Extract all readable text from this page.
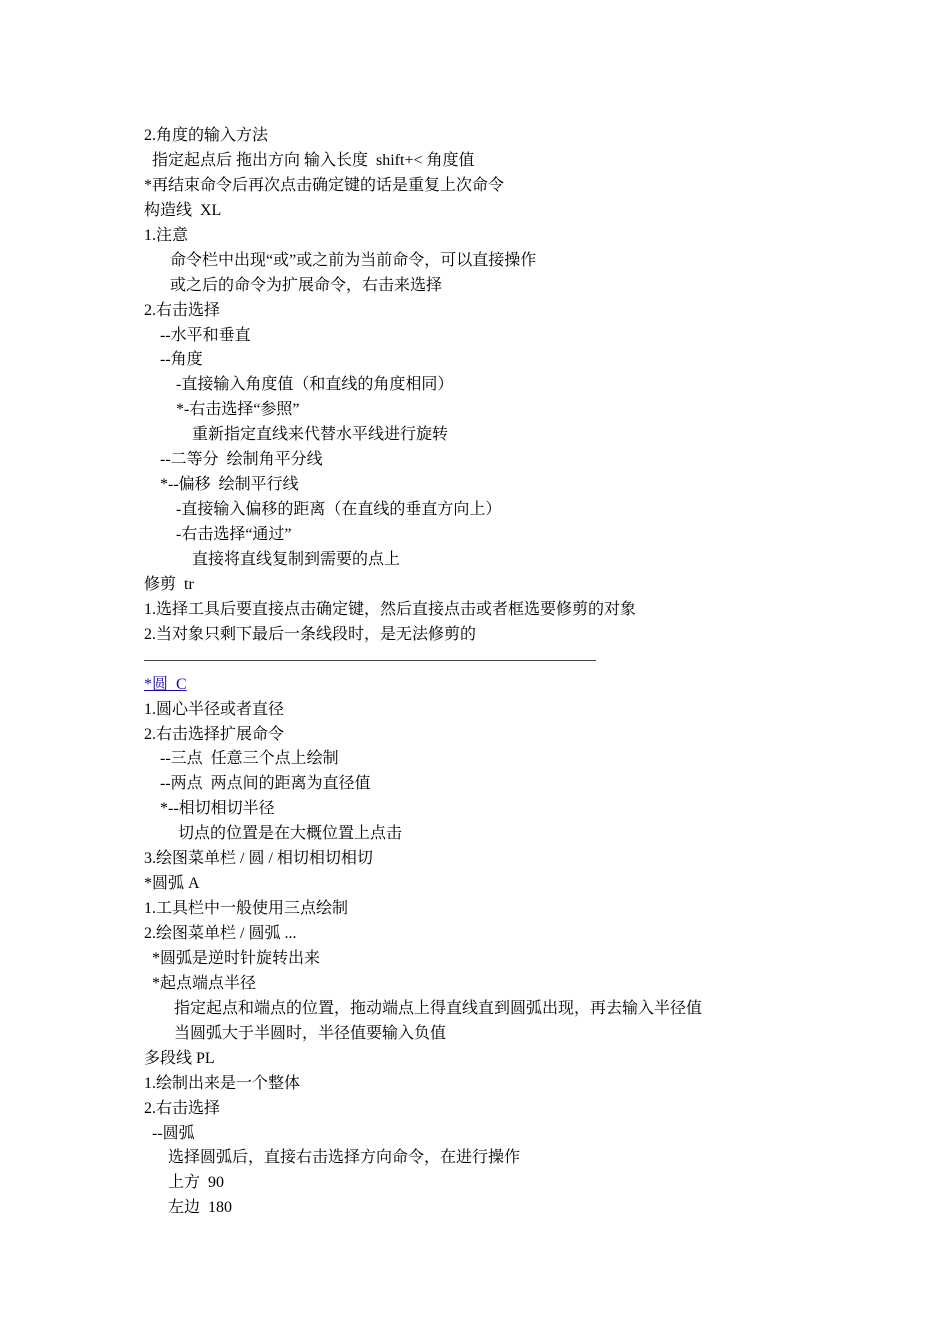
2.角度的输入方法
指定起点后 拖出方向 输入长度  shift+< 角度值
*再结束命令后再次点击确定键的话是重复上次命令
构造线  XL
1.注意
命令栏中出现“或”或之前为当前命令，可以直接操作
或之后的命令为扩展命令，右击来选择
2.右击选择
--水平和垂直
--角度
-直接输入角度值（和直线的角度相同）
*-右击选择“参照”
重新指定直线来代替水平线进行旋转
--二等分  绘制角平分线
*--偏移  绘制平行线
-直接输入偏移的距离（在直线的垂直方向上）
-右击选择“通过”
直接将直线复制到需要的点上
修剪  tr
1.选择工具后要直接点击确定键，然后直接点击或者框选要修剪的对象
2.当对象只剩下最后一条线段时，是无法修剪的
*圆  C
1.圆心半径或者直径
2.右击选择扩展命令
--三点  任意三个点上绘制
--两点  两点间的距离为直径值
*--相切相切半径
切点的位置是在大概位置上点击
3.绘图菜单栏 / 圆 / 相切相切相切
*圆弧 A
1.工具栏中一般使用三点绘制
2.绘图菜单栏 / 圆弧 ...
*圆弧是逆时针旋转出来
*起点端点半径
指定起点和端点的位置，拖动端点上得直线直到圆弧出现，再去输入半径值
当圆弧大于半圆时，半径值要输入负值
多段线 PL
1.绘制出来是一个整体
2.右击选择
--圆弧
选择圆弧后，直接右击选择方向命令，在进行操作
上方  90
左边  180
